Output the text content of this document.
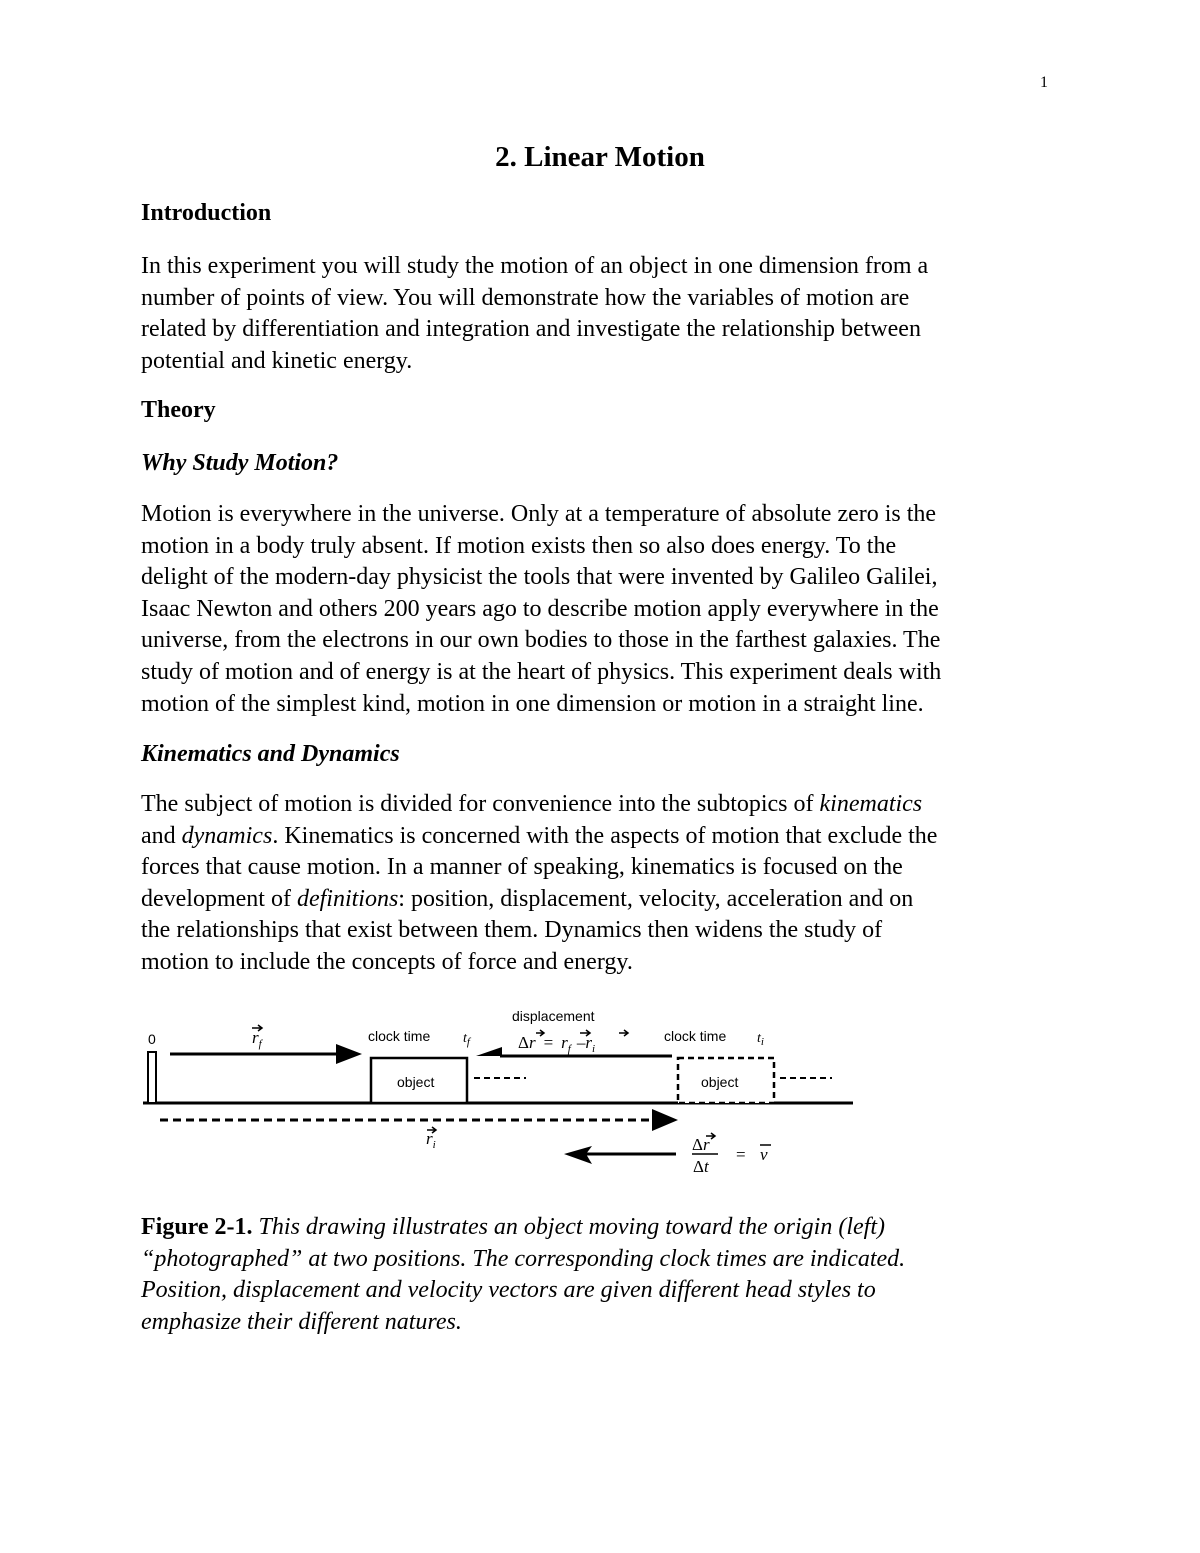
1
2. Linear Motion
Introduction
In this experiment you will study the motion of an object in one dimension from a
number of points of view. You will demonstrate how the variables of motion are
related by differentiation and integration and investigate the relationship between
potential and kinetic energy.
Theory
Why Study Motion?
Motion is everywhere in the universe. Only at a temperature of absolute zero is the
motion in a body truly absent. If motion exists then so also does energy. To the
delight of the modern-day physicist the tools that were invented by Galileo Galilei,
Isaac Newton and others 200 years ago to describe motion apply everywhere in the
universe, from the electrons in our own bodies to those in the farthest galaxies. The
study of motion and of energy is at the heart of physics. This experiment deals with
motion of the simplest kind, motion in one dimension or motion in a straight line.
Kinematics and Dynamics
The subject of motion is divided for convenience into the subtopics of kinematics
and dynamics. Kinematics is concerned with the aspects of motion that exclude the
forces that cause motion. In a manner of speaking, kinematics is focused on the
development of definitions: position, displacement, velocity, acceleration and on
the relationships that exist between them. Dynamics then widens the study of
motion to include the concepts of force and energy.
0	$r_f$
object
clock time $t_f$
displacement
$\Delta r = r_f$ $-r_i$
object
clock time $t_i$
$r_i$	Δr
Δt
= v
Figure 2-1. This drawing illustrates an object moving toward the origin (left)
“photographed” at two positions. The corresponding clock times are indicated.
Position, displacement and velocity vectors are given different head styles to
emphasize their different natures.
